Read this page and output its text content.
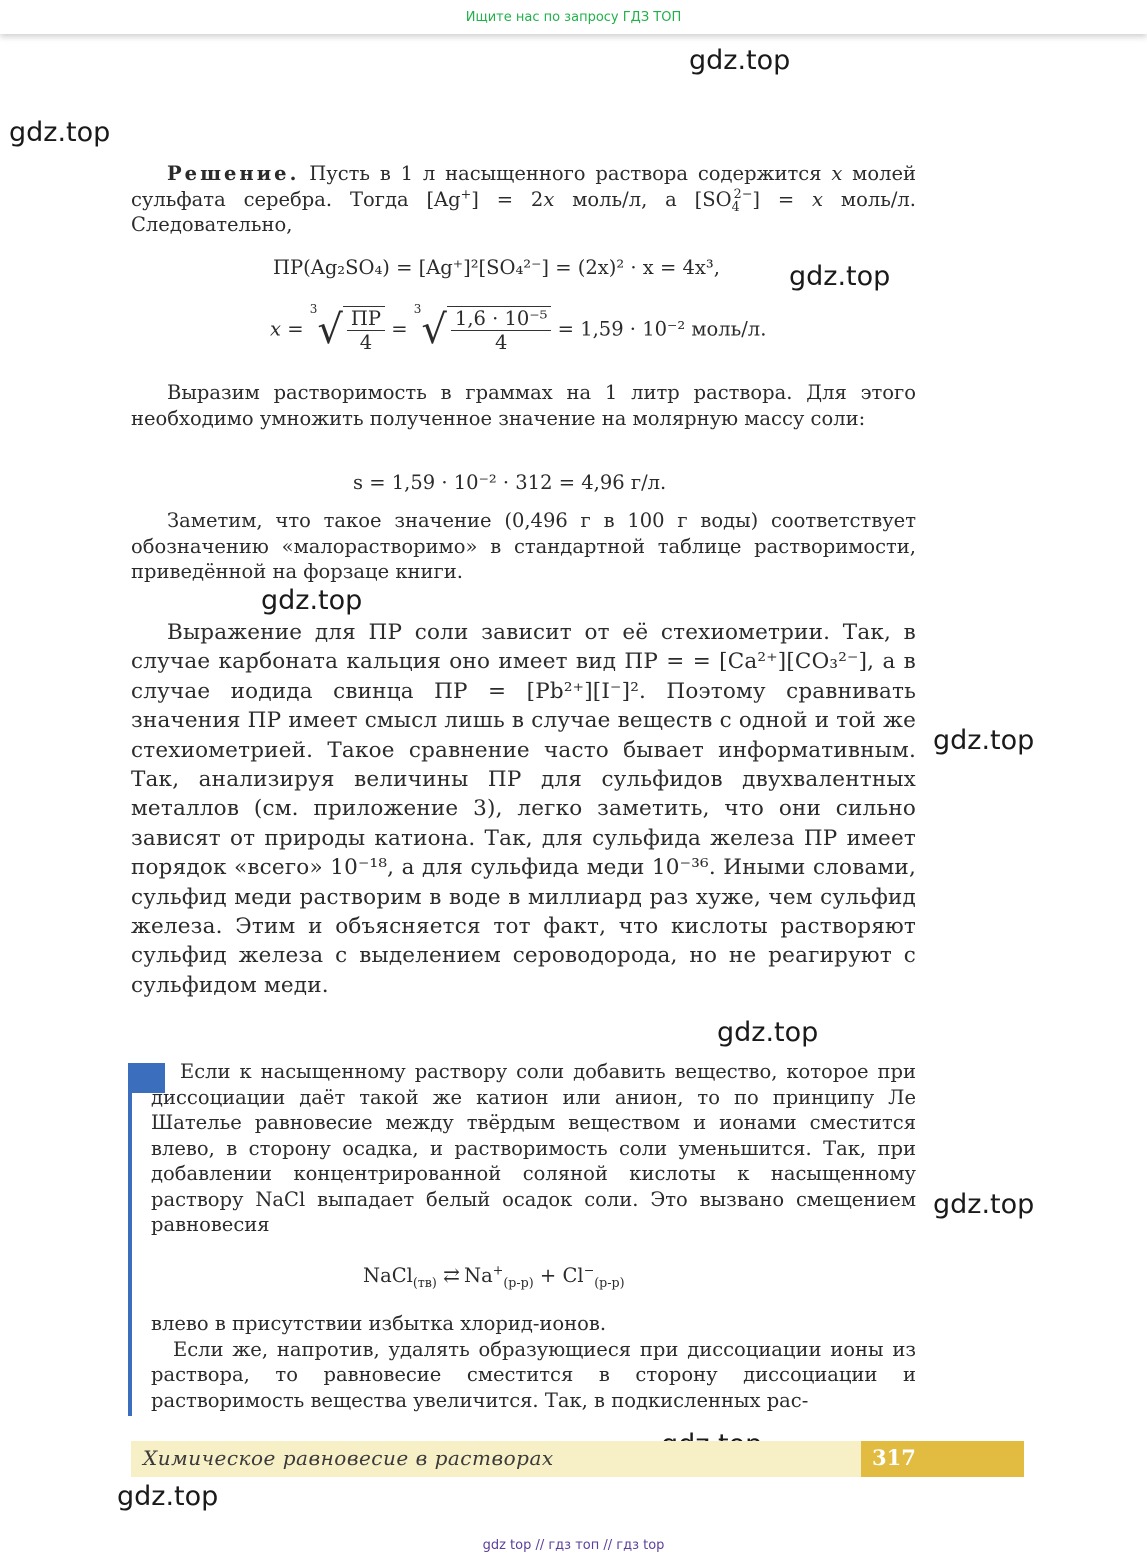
Ищите нас по запросу ГДЗ ТОП
gdz.top
gdz.top
gdz.top
gdz.top
gdz.top
gdz.top
gdz.top
gdz.top

Решение. Пусть в 1 л насыщенного раствора содержится x молей сульфата серебра. Тогда [Ag+] = 2x моль/л, а $[SO_4^{2-}] = x$ моль/л. Следовательно,

ПР(Ag₂SO₄) = [Ag⁺]²[SO₄²⁻] = (2x)² · x = 4x³,
$x = ^3√ \frac{ПР}{4} = ^3√ \frac{\text{1,6 · 10⁻⁵}}{4} = 1,59 \cdot 10^{-2}$ моль/л.

Выразим растворимость в граммах на 1 литр раствора. Для этого необходимо умножить полученное значение на молярную массу соли:

s = 1,59 · 10⁻² · 312 = 4,96 г/л.

Заметим, что такое значение (0,496 г в 100 г воды) соответствует обозначению «малорастворимо» в стандартной таблице растворимости, приведённой на форзаце книги.

Выражение для ПР соли зависит от её стехиометрии. Так, в случае карбоната кальция оно имеет вид ПР = = [Ca²⁺][CO₃²⁻], а в случае иодида свинца ПР = [Pb²⁺][I⁻]². Поэтому сравнивать значения ПР имеет смысл лишь в случае веществ с одной и той же стехиометрией. Такое сравнение часто бывает информативным. Так, анализируя величины ПР для сульфидов двухвалентных металлов (см. приложение 3), легко заметить, что они сильно зависят от природы катиона. Так, для сульфида железа ПР имеет порядок «всего» 10⁻¹⁸, а для сульфида меди 10⁻³⁶. Иными словами, сульфид меди растворим в воде в миллиард раз хуже, чем сульфид железа. Этим и объясняется тот факт, что кислоты растворяют сульфид железа с выделением сероводорода, но не реагируют с сульфидом меди.

Если к насыщенному раствору соли добавить вещество, которое при диссоциации даёт такой же катион или анион, то по принципу Ле Шателье равновесие между твёрдым веществом и ионами сместится влево, в сторону осадка, и растворимость соли уменьшится. Так, при добавлении концентрированной соляной кислоты к насыщенному раствору NaCl выпадает белый осадок соли. Это вызвано смещением равновесия

NaCl$_{(тв)}$ ⇄ $Na^+_{(р-р)} + Cl^-_{(р-р)}$

влево в присутствии избытка хлорид-ионов.

Если же, напротив, удалять образующиеся при диссоциации ионы из раствора, то равновесие сместится в сторону диссоциации и растворимость вещества увеличится. Так, в подкисленных рас-

Химическое равновесие в растворах	317
gdz top // гдз топ // гдз top
